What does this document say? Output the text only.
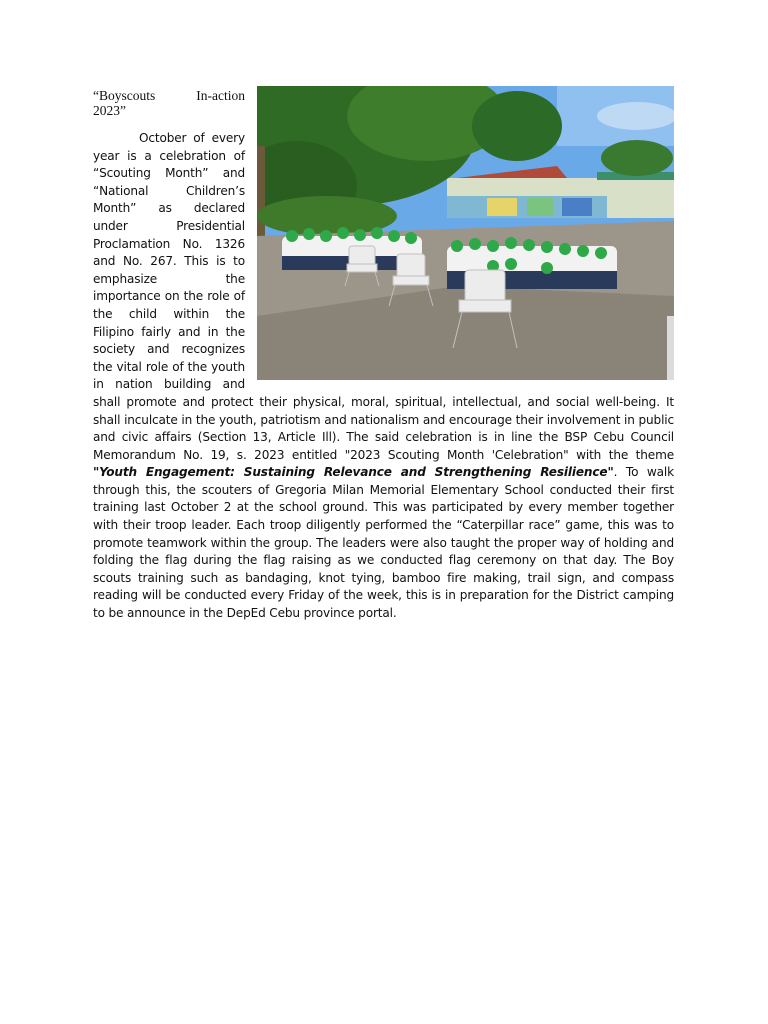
“Boyscouts	In-action
2023”

October of every year is a celebration of “Scouting Month” and “National Children’s Month” as declared under Presidential Proclamation No. 1326 and No. 267. This is to emphasize the importance on the role of the child within the Filipino fairly and in the society and recognizes the vital role of the youth in nation building and shall promote and protect their physical, moral, spiritual, intellectual, and social well-being. It shall inculcate in the youth, patriotism and nationalism and encourage their involvement in public and civic affairs (Section 13, Article Ill). The said celebration is in line the BSP Cebu Council Memorandum No. 19, s. 2023 entitled "2023 Scouting Month 'Celebration" with the theme "Youth Engagement: Sustaining Relevance and Strengthening Resilience". To walk through this, the scouters of Gregoria Milan Memorial Elementary School conducted their first training last October 2 at the school ground. This was participated by every member together with their troop leader. Each troop diligently performed the “Caterpillar race” game, this was to promote teamwork within the group. The leaders were also taught the proper way of holding and folding the flag during the flag raising as we conducted flag ceremony on that day. The Boy scouts training such as bandaging, knot tying, bamboo fire making, trail sign, and compass reading will be conducted every Friday of the week, this is in preparation for the District camping to be announce in the DepEd Cebu province portal.
